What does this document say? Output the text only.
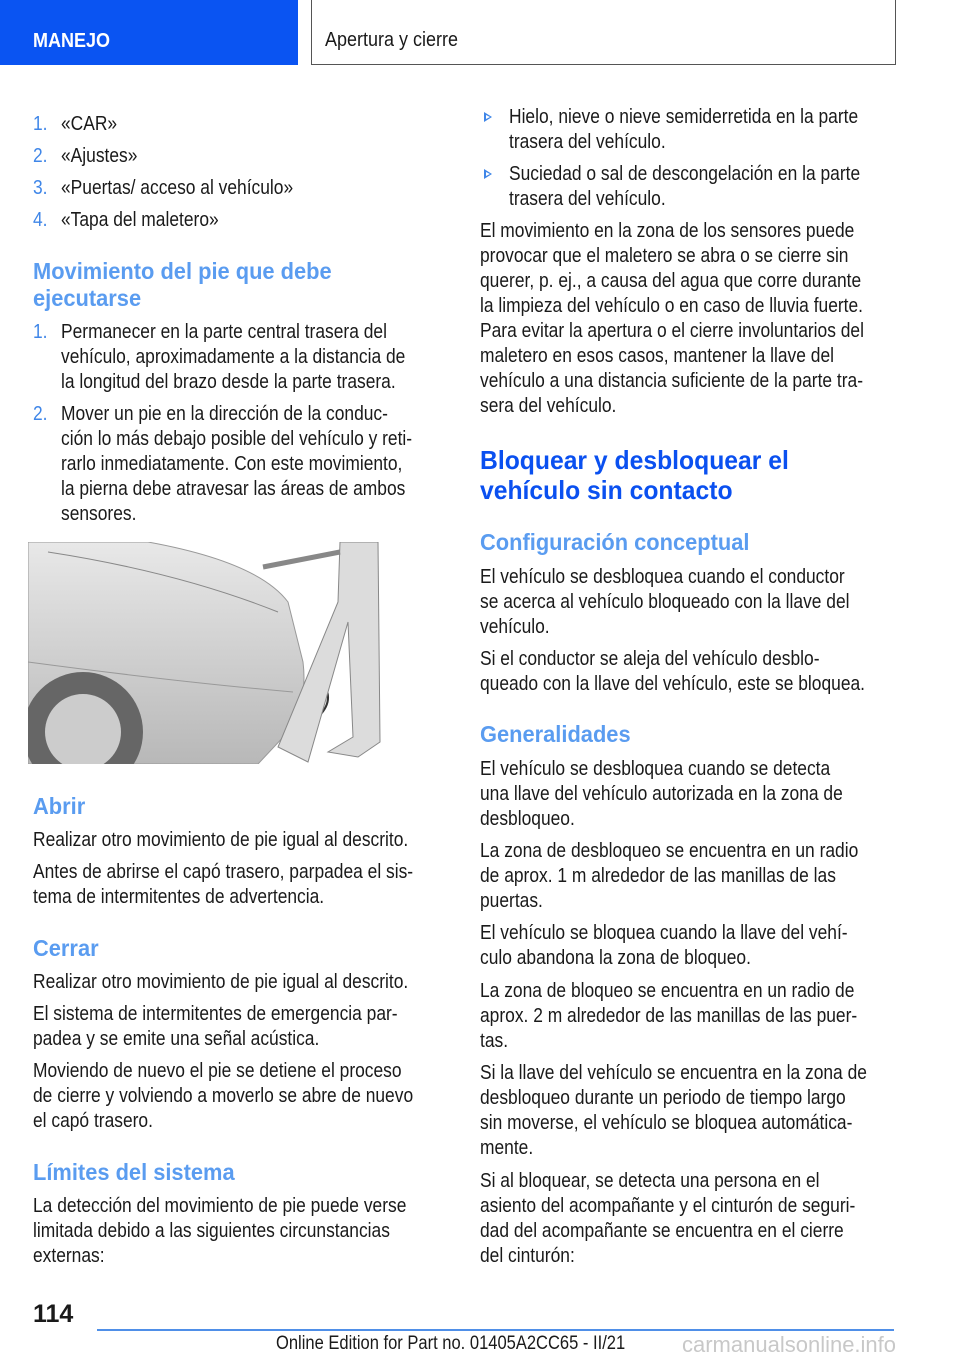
MANEJO	Apertura y cierre
1. «CAR»

2. «Ajustes»

3. «Puertas/ acceso al vehículo»

4. «Tapa del maletero»

Movimiento del pie que debe
ejecutarse
1. Permanecer en la parte central trasera del
vehículo, aproximadamente a la distancia de
la longitud del brazo desde la parte trasera.

2. Mover un pie en la dirección de la conduc‐
ción lo más debajo posible del vehículo y reti‐
rarlo inmediatamente. Con este movimiento,
la pierna debe atravesar las áreas de ambos
sensores.

Abrir

Realizar otro movimiento de pie igual al descrito.

Antes de abrirse el capó trasero, parpadea el sis‐
tema de intermitentes de advertencia.

Cerrar

Realizar otro movimiento de pie igual al descrito.

El sistema de intermitentes de emergencia par‐
padea y se emite una señal acústica.

Moviendo de nuevo el pie se detiene el proceso
de cierre y volviendo a moverlo se abre de nuevo
el capó trasero.

Límites del sistema

La detección del movimiento de pie puede verse
limitada debido a las siguientes circunstancias
externas:

Hielo, nieve o nieve semiderretida en la parte
trasera del vehículo.

Suciedad o sal de descongelación en la parte
trasera del vehículo.

El movimiento en la zona de los sensores puede
provocar que el maletero se abra o se cierre sin
querer, p. ej., a causa del agua que corre durante
la limpieza del vehículo o en caso de lluvia fuerte.
Para evitar la apertura o el cierre involuntarios del
maletero en esos casos, mantener la llave del
vehículo a una distancia suficiente de la parte tra‐
sera del vehículo.

Bloquear y desbloquear el
vehículo sin contacto
Configuración conceptual

El vehículo se desbloquea cuando el conductor
se acerca al vehículo bloqueado con la llave del
vehículo.

Si el conductor se aleja del vehículo desblo‐
queado con la llave del vehículo, este se bloquea.

Generalidades

El vehículo se desbloquea cuando se detecta
una llave del vehículo autorizada en la zona de
desbloqueo.

La zona de desbloqueo se encuentra en un radio
de aprox. 1 m alrededor de las manillas de las
puertas.

El vehículo se bloquea cuando la llave del vehí‐
culo abandona la zona de bloqueo.

La zona de bloqueo se encuentra en un radio de
aprox. 2 m alrededor de las manillas de las puer‐
tas.

Si la llave del vehículo se encuentra en la zona de
desbloqueo durante un periodo de tiempo largo
sin moverse, el vehículo se bloquea automática‐
mente.

Si al bloquear, se detecta una persona en el
asiento del acompañante y el cinturón de seguri‐
dad del acompañante se encuentra en el cierre
del cinturón:

114
Online Edition for Part no. 01405A2CC65 - II/21	carmanualsonline.info
